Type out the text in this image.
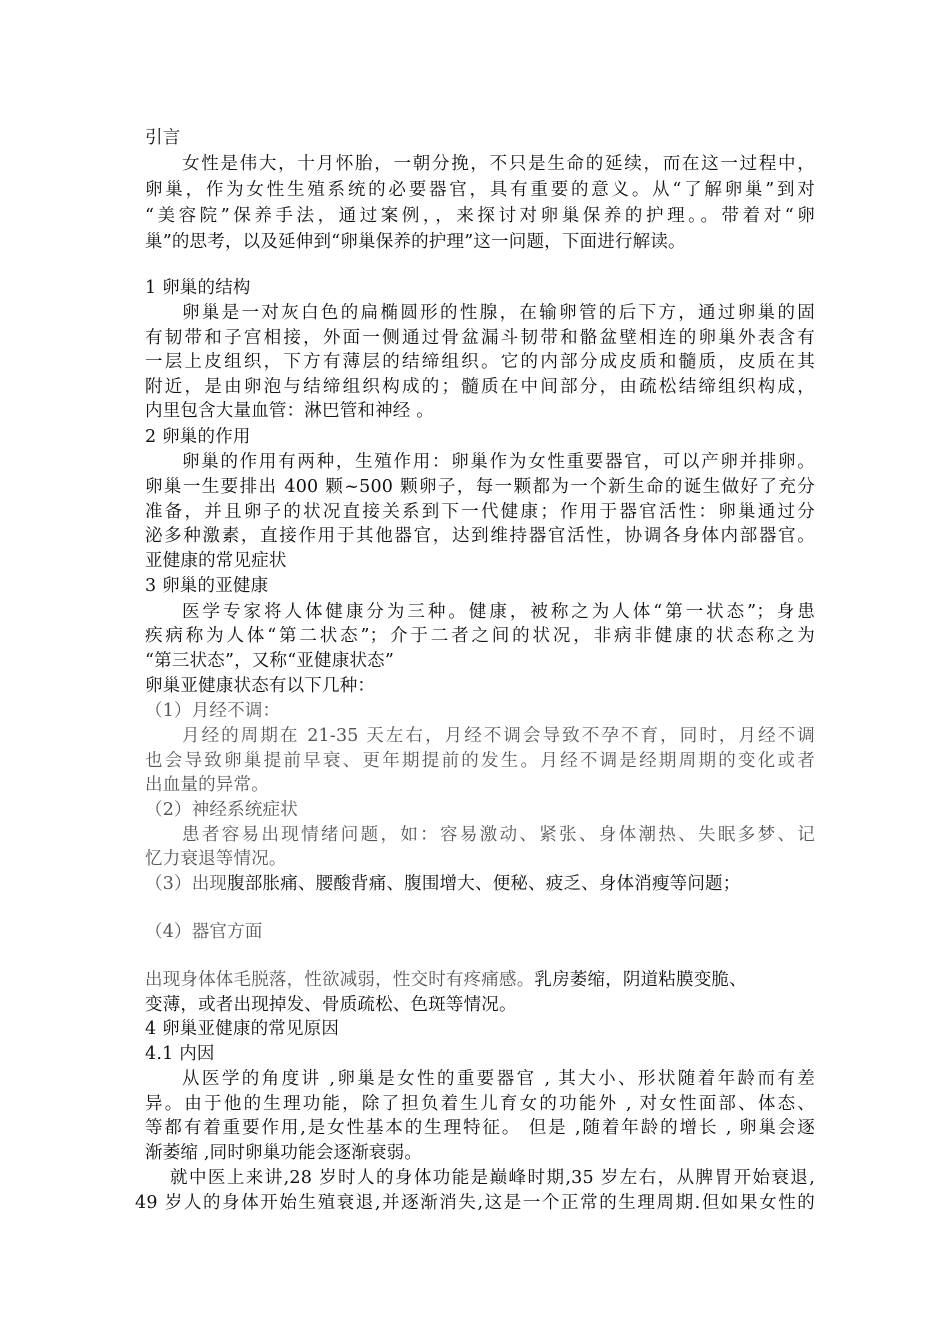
引言
女性是伟大，十月怀胎，一朝分挽，不只是生命的延续，而在这一过程中，
卵巢，作为女性生殖系统的必要器官，具有重要的意义。从“了解卵巢”到对
“美容院”保养手法，通过案例，，来探讨对卵巢保养的护理。。带着对“卵
巢”的思考，以及延伸到“卵巢保养的护理”这一问题，下面进行解读。
1 卵巢的结构
卵巢是一对灰白色的扁椭圆形的性腺，在输卵管的后下方，通过卵巢的固
有韧带和子宫相接，外面一侧通过骨盆漏斗韧带和骼盆壁相连的卵巢外表含有
一层上皮组织，下方有薄层的结缔组织。它的内部分成皮质和髓质，皮质在其
附近，是由卵泡与结缔组织构成的；髓质在中间部分，由疏松结缔组织构成，
内里包含大量血管：淋巴管和神经 。
2 卵巢的作用
卵巢的作用有两种，生殖作用：卵巢作为女性重要器官，可以产卵并排卵。
卵巢一生要排出 400 颗~500 颗卵子，每一颗都为一个新生命的诞生做好了充分
准备，并且卵子的状况直接关系到下一代健康；作用于器官活性：卵巢通过分
泌多种激素，直接作用于其他器官，达到维持器官活性，协调各身体内部器官。
亚健康的常见症状
3 卵巢的亚健康
医学专家将人体健康分为三种。健康，被称之为人体“第一状态”；身患
疾病称为人体“第二状态”；介于二者之间的状况，非病非健康的状态称之为
“第三状态”，又称“亚健康状态”
卵巢亚健康状态有以下几种：
（1）月经不调：
月经的周期在 21-35 天左右，月经不调会导致不孕不育，同时，月经不调
也会导致卵巢提前早衰、更年期提前的发生。月经不调是经期周期的变化或者
出血量的异常。
（2）神经系统症状
患者容易出现情绪问题，如：容易激动、紧张、身体潮热、失眠多梦、记
忆力衰退等情况。
（3）出现腹部胀痛、腰酸背痛、腹围增大、便秘、疲乏、身体消瘦等问题；
（4）器官方面
出现身体体毛脱落，性欲减弱，性交时有疼痛感。乳房萎缩，阴道粘膜变脆、
变薄，或者出现掉发、骨质疏松、色斑等情况。
4 卵巢亚健康的常见原因
4.1 内因
从医学的角度讲 ,卵巢是女性的重要器官 , 其大小、形状随着年龄而有差
异。由于他的生理功能，除了担负着生儿育女的功能外 , 对女性面部、体态、
等都有着重要作用,是女性基本的生理特征。 但是 ,随着年龄的增长 , 卵巢会逐
渐萎缩 ,同时卵巢功能会逐渐衰弱。
就中医上来讲,28 岁时人的身体功能是巅峰时期,35 岁左右，从脾胃开始衰退,
49 岁人的身体开始生殖衰退,并逐渐消失,这是一个正常的生理周期.但如果女性的
